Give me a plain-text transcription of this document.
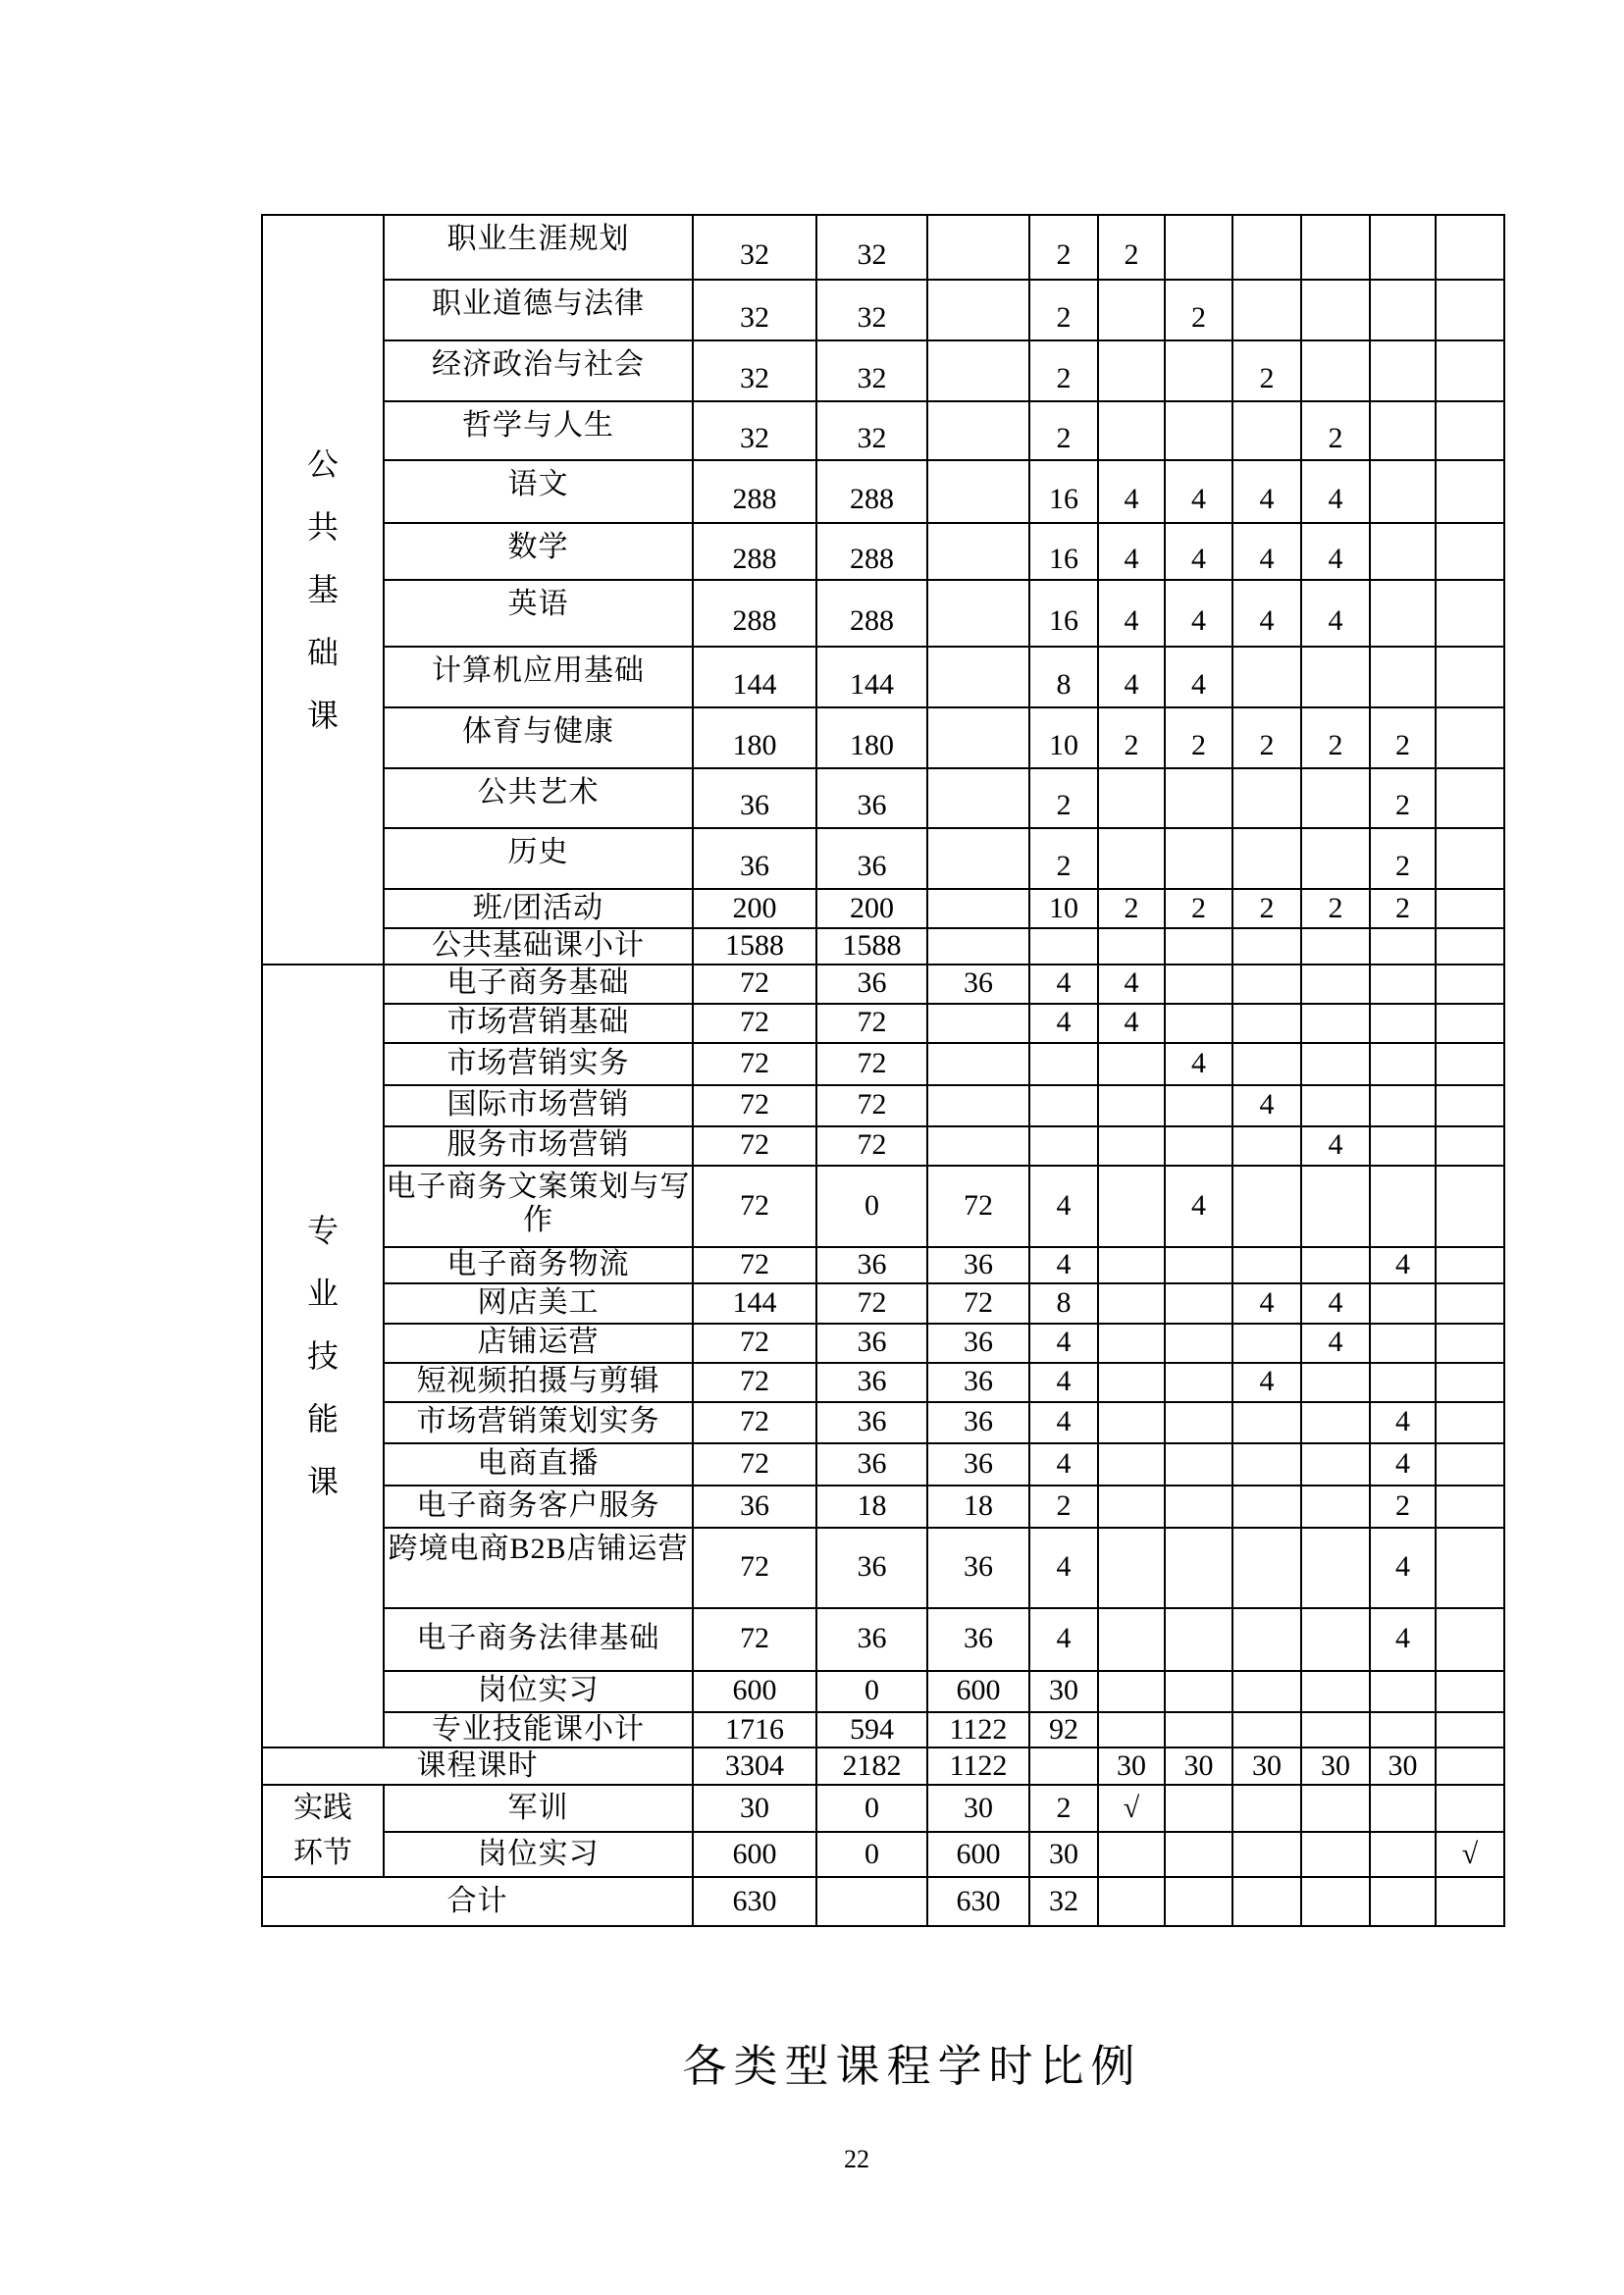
公
共
基
础
课	职业生涯规划	32	32		2	2					
	职业道德与法律	32	32		2		2				
	经济政治与社会	32	32		2			2			
	哲学与人生	32	32		2				2		
	语文	288	288		16	4	4	4	4		
	数学	288	288		16	4	4	4	4		
	英语	288	288		16	4	4	4	4		
	计算机应用基础	144	144		8	4	4				
	体育与健康	180	180		10	2	2	2	2	2	
	公共艺术	36	36		2					2	
	历史	36	36		2					2	
	班/团活动	200	200		10	2	2	2	2	2	
	公共基础课小计	1588	1588								

专
业
技
能
课	电子商务基础	72	36	36	4	4					
	市场营销基础	72	72		4	4					
	市场营销实务	72	72				4				
	国际市场营销	72	72					4			
	服务市场营销	72	72						4		
	电子商务文案策划与写作	72	0	72	4		4				
	电子商务物流	72	36	36	4					4	
	网店美工	144	72	72	8			4	4		
	店铺运营	72	36	36	4				4		
	短视频拍摄与剪辑	72	36	36	4			4			
	市场营销策划实务	72	36	36	4					4	
	电商直播	72	36	36	4					4	
	电子商务客户服务	36	18	18	2					2	
	跨境电商B2B店铺运营	72	36	36	4					4	
	电子商务法律基础	72	36	36	4					4	
	岗位实习	600	0	600	30						
	专业技能课小计	1716	594	1122	92						
课程课时		3304	2182	1122		30	30	30	30	30	

实践
环节	军训	30	0	30	2	√					
	岗位实习	600	0	600	30						√
合计		630		630	32						
各类型课程学时比例
22
